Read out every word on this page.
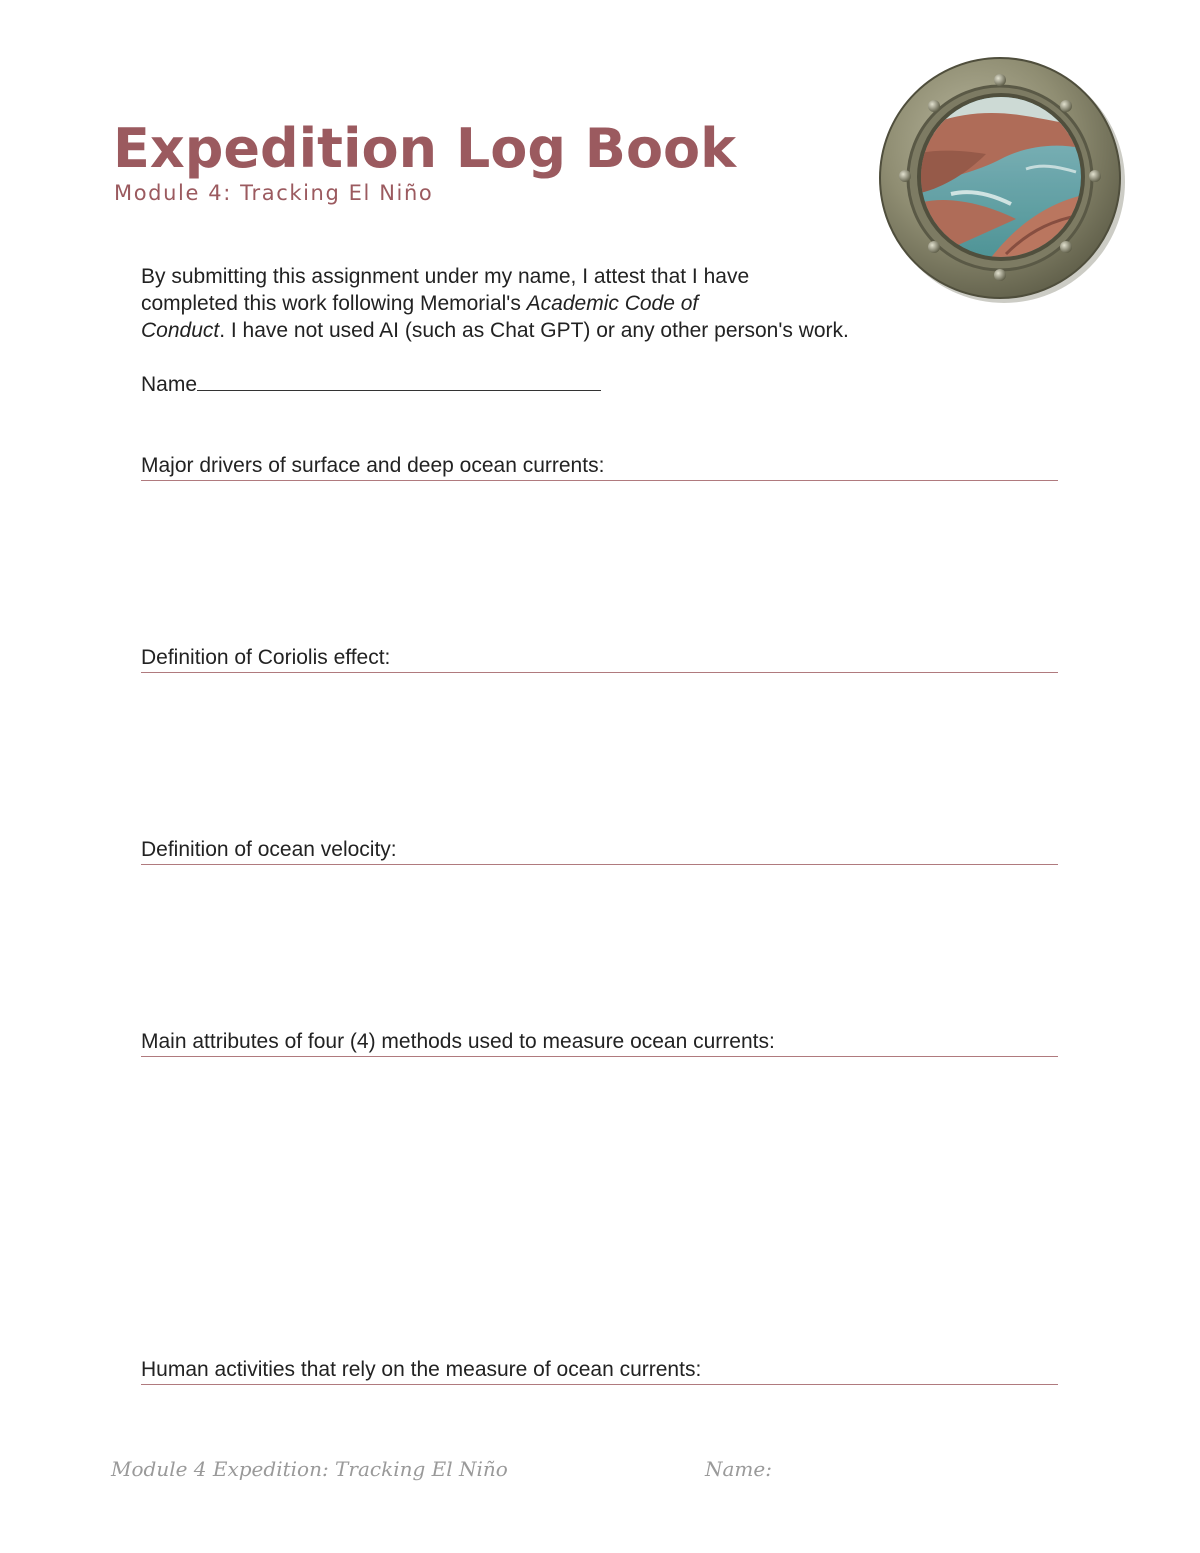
Expedition Log Book
Module 4: Tracking El Niño
By submitting this assignment under my name, I attest that I have
completed this work following Memorial's Academic Code of
Conduct. I have not used AI (such as Chat GPT) or any other person's work.
Name
Major drivers of surface and deep ocean currents:
Definition of Coriolis effect:
Definition of ocean velocity:
Main attributes of four (4) methods used to measure ocean currents:
Human activities that rely on the measure of ocean currents:
Module 4 Expedition: Tracking El Niño	Name:
